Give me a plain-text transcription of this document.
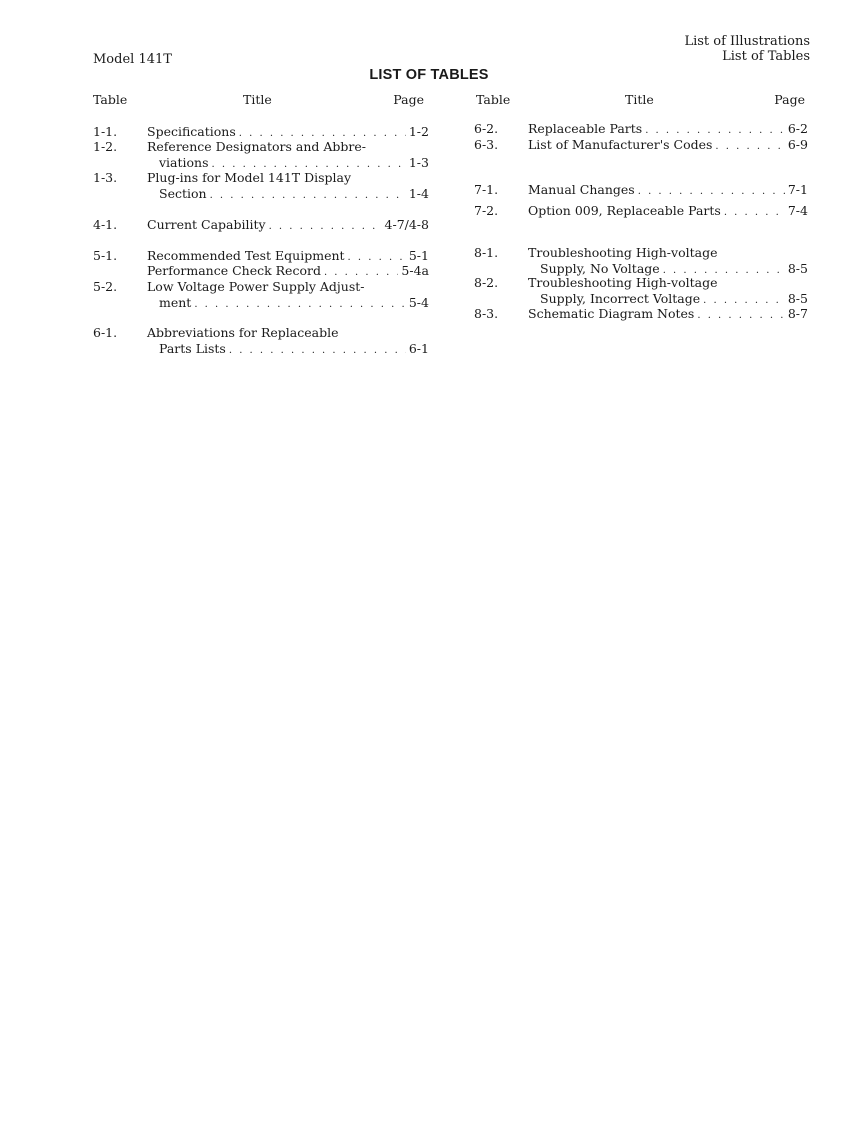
Model 141T
List of Illustrations
List of Tables
LIST OF TABLES
Table	Title	Page
1-1. Specifications . . .	1-2
1-2. Reference Designators and Abbre-
viations . . .	1-3
1-3. Plug-ins for Model 141T Display
Section . . .	1-4
4-1. Current Capability . . .	4-7/4-8
5-1. Recommended Test Equipment . . .	5-1
Performance Check Record . . .	5-4a
5-2. Low Voltage Power Supply Adjust-
ment . . .	5-4
6-1. Abbreviations for Replaceable
Parts Lists . . .	6-1
Table	Title	Page
6-2. Replaceable Parts . . .	6-2
6-3. List of Manufacturer's Codes . . .	6-9
7-1. Manual Changes . . .	7-1
7-2. Option 009, Replaceable Parts . . .	7-4
8-1. Troubleshooting High-voltage
Supply, No Voltage . . .	8-5
8-2. Troubleshooting High-voltage
Supply, Incorrect Voltage . . .	8-5
8-3. Schematic Diagram Notes . . .	8-7
